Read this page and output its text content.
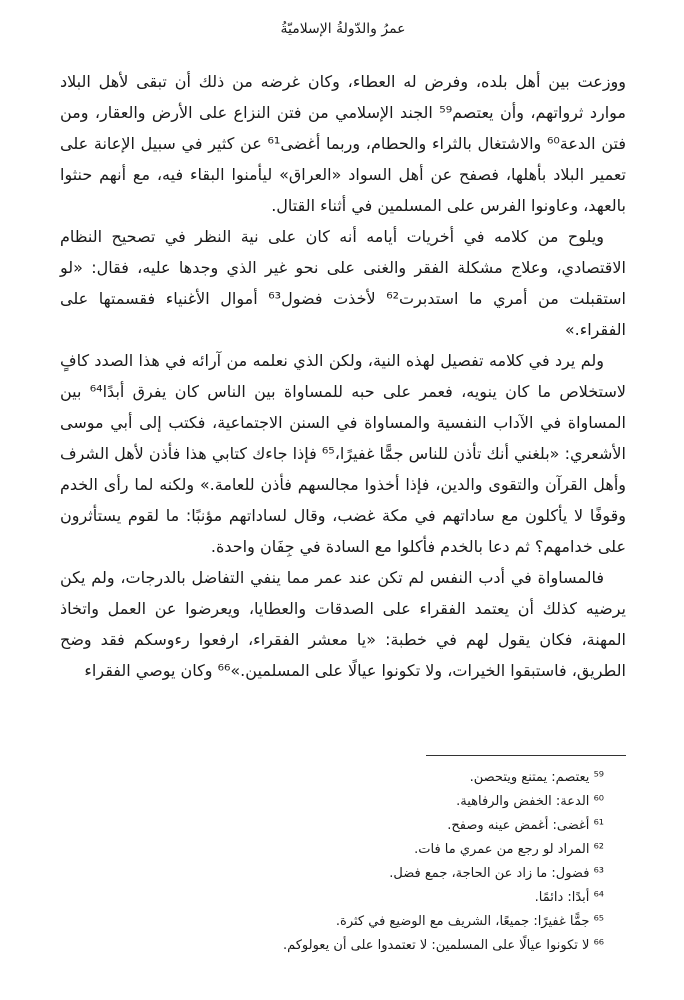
عمرُ والدّولةُ الإسلاميّةُ

ووزعت بين أهل بلده، وفرض له العطاء، وكان غرضه من ذلك أن تبقى لأهل البلاد موارد ثرواتهم، وأن يعتصم⁵⁹ الجند الإسلامي من فتن النزاع على الأرض والعقار، ومن فتن الدعة⁶⁰ والاشتغال بالثراء والحطام، وربما أغضى⁶¹ عن كثير في سبيل الإعانة على تعمير البلاد بأهلها، فصفح عن أهل السواد «العراق» ليأمنوا البقاء فيه، مع أنهم حنثوا بالعهد، وعاونوا الفرس على المسلمين في أثناء القتال.

ويلوح من كلامه في أخريات أيامه أنه كان على نية النظر في تصحيح النظام الاقتصادي، وعلاج مشكلة الفقر والغنى على نحو غير الذي وجدها عليه، فقال: «لو استقبلت من أمري ما استدبرت⁶² لأخذت فضول⁶³ أموال الأغنياء فقسمتها على الفقراء.»

ولم يرد في كلامه تفصيل لهذه النية، ولكن الذي نعلمه من آرائه في هذا الصدد كافٍ لاستخلاص ما كان ينويه، فعمر على حبه للمساواة بين الناس كان يفرق أبدًا⁶⁴ بين المساواة في الآداب النفسية والمساواة في السنن الاجتماعية، فكتب إلى أبي موسى الأشعري: «بلغني أنك تأذن للناس جمًّا غفيرًا،⁶⁵ فإذا جاءك كتابي هذا فأذن لأهل الشرف وأهل القرآن والتقوى والدين، فإذا أخذوا مجالسهم فأذن للعامة.» ولكنه لما رأى الخدم وقوفًا لا يأكلون مع ساداتهم في مكة غضب، وقال لساداتهم مؤنبًا: ما لقوم يستأثرون على خدامهم؟ ثم دعا بالخدم فأكلوا مع السادة في جِفَان واحدة.

فالمساواة في أدب النفس لم تكن عند عمر مما ينفي التفاضل بالدرجات، ولم يكن يرضيه كذلك أن يعتمد الفقراء على الصدقات والعطايا، ويعرضوا عن العمل واتخاذ المهنة، فكان يقول لهم في خطبة: «يا معشر الفقراء، ارفعوا رءوسكم فقد وضح الطريق، فاستبقوا الخيرات، ولا تكونوا عيالًا على المسلمين.»⁶⁶ وكان يوصي الفقراء

⁵⁹ يعتصم: يمتنع ويتحصن.
⁶⁰ الدعة: الخفض والرفاهية.
⁶¹ أغضى: أغمض عينه وصفح.
⁶² المراد لو رجع من عمري ما فات.
⁶³ فضول: ما زاد عن الحاجة، جمع فضل.
⁶⁴ أبدًا: دائمًا.
⁶⁵ جمًّا غفيرًا: جميعًا، الشريف مع الوضيع في كثرة.
⁶⁶ لا تكونوا عيالًا على المسلمين: لا تعتمدوا على أن يعولوكم.
